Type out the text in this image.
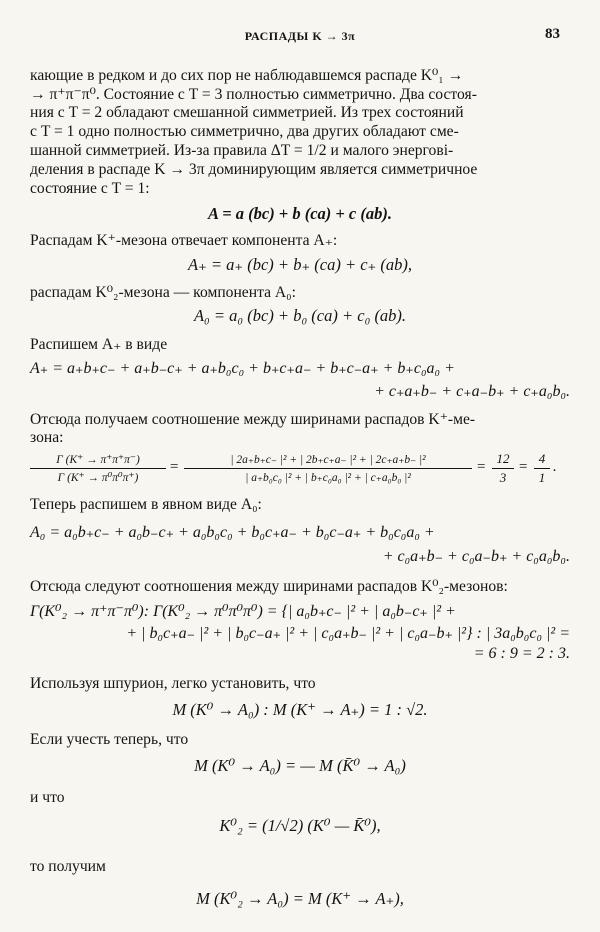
РАСПАДЫ K → 3π	83
кающие в редком и до сих пор не наблюдавшемся распаде K⁰₁ →
→ π⁺π⁻π⁰. Состояние с T = 3 полностью симметрично. Два состоя-
ния с T = 2 обладают смешанной симметрией. Из трех состояний
с T = 1 одно полностью симметрично, два других обладают сме-
шанной симметрией. Из-за правила ΔT = 1/2 и малого энергові-
деления в распаде K → 3π доминирующим является симметричное
состояние с T = 1:
A = a (bc) + b (ca) + c (ab).
Распадам K⁺-мезона отвечает компонента A₊:
A₊ = a₊ (bc) + b₊ (ca) + c₊ (ab),
распадам K⁰₂-мезона — компонента A₀:
A₀ = a₀ (bc) + b₀ (ca) + c₀ (ab).
Распишем A₊ в виде
A₊ = a₊b₊c₋ + a₊b₋c₊ + a₊b₀c₀ + b₊c₊a₋ + b₊c₋a₊ + b₊c₀a₀ +
+ c₊a₊b₋ + c₊a₋b₊ + c₊a₀b₀.
Отсюда получаем соотношение между ширинами распадов K⁺-ме-
зона:
Γ (K⁺ → π⁺π⁺π⁻)
Γ (K⁺ → π⁰π⁰π⁺)
=	| 2a₊b₊c₋ |² + | 2b₊c₊a₋ |² + | 2c₊a₊b₋ |²
| a₊b₀c₀ |² + | b₊c₀a₀ |² + | c₊a₀b₀ |²
=
12
3
=
4
1
.
Теперь распишем в явном виде A₀:
A₀ = a₀b₊c₋ + a₀b₋c₊ + a₀b₀c₀ + b₀c₊a₋ + b₀c₋a₊ + b₀c₀a₀ +
+ c₀a₊b₋ + c₀a₋b₊ + c₀a₀b₀.
Отсюда следуют соотношения между ширинами распадов K⁰₂-мезонов:
Γ(K⁰₂ → π⁺π⁻π⁰): Γ(K⁰₂ → π⁰π⁰π⁰) = {| a₀b₊c₋ |² + | a₀b₋c₊ |² +
+ | b₀c₊a₋ |² + | b₀c₋a₊ |² + | c₀a₊b₋ |² + | c₀a₋b₊ |²} : | 3a₀b₀c₀ |² =
= 6 : 9 = 2 : 3.
Используя шпурион, легко установить, что
M (K⁰ → A₀) : M (K⁺ → A₊) = 1 : √2.
Если учесть теперь, что
M (K⁰ → A₀) = — M (K̄⁰ → A₀)
и что
K⁰₂ = (1/√2) (K⁰ — K̄⁰),
то получим
M (K⁰₂ → A₀) = M (K⁺ → A₊),
